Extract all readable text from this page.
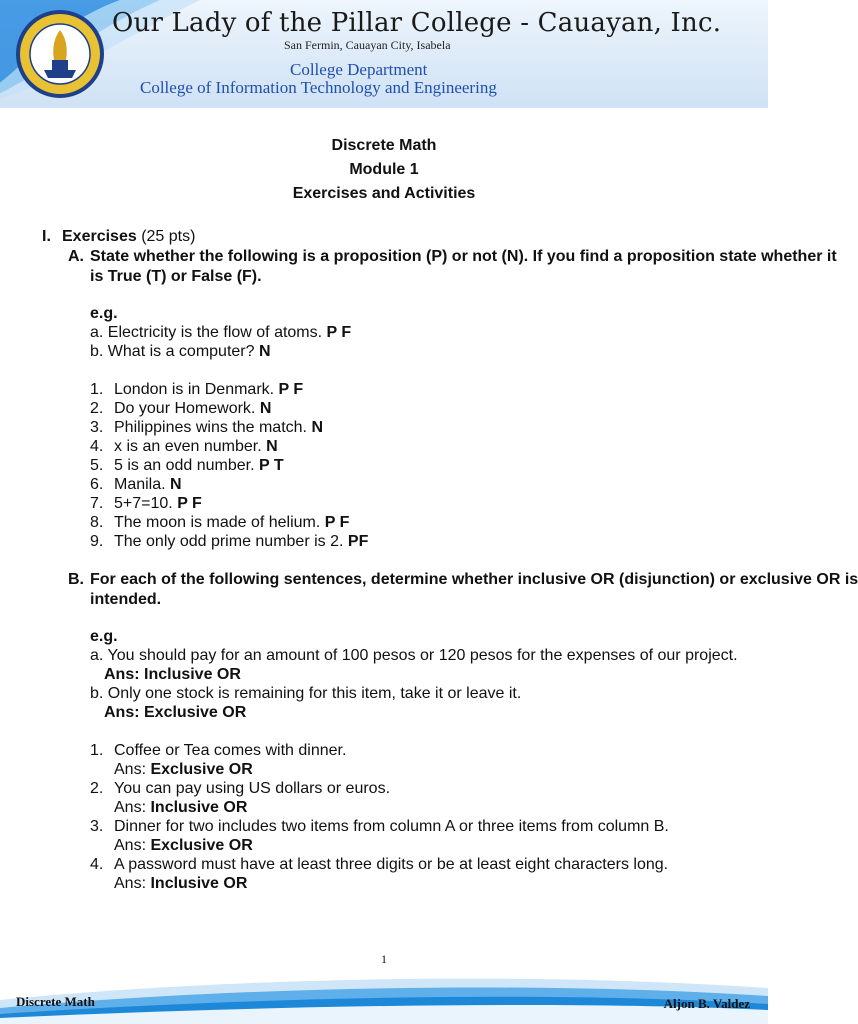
Our Lady of the Pillar College - Cauayan, Inc.
San Fermin, Cauayan City, Isabela
College Department
College of Information Technology and Engineering
Discrete Math
Module 1
Exercises and Activities
I. Exercises (25 pts)
A. State whether the following is a proposition (P) or not (N). If you find a proposition state whether it
is True (T) or False (F).
e.g.
a. Electricity is the flow of atoms. P F
b. What is a computer? N
1. London is in Denmark. P F
2. Do your Homework. N
3. Philippines wins the match. N
4. x is an even number. N
5. 5 is an odd number. P T
6. Manila. N
7. 5+7=10. P F
8. The moon is made of helium. P F
9. The only odd prime number is 2. PF
B. For each of the following sentences, determine whether inclusive OR (disjunction) or exclusive OR is
intended.
e.g.
a. You should pay for an amount of 100 pesos or 120 pesos for the expenses of our project.
Ans: Inclusive OR
b. Only one stock is remaining for this item, take it or leave it.
Ans: Exclusive OR
1. Coffee or Tea comes with dinner.
Ans: Exclusive OR
2. You can pay using US dollars or euros.
Ans: Inclusive OR
3. Dinner for two includes two items from column A or three items from column B.
Ans: Exclusive OR
4. A password must have at least three digits or be at least eight characters long.
Ans: Inclusive OR
1
Discrete Math	Aljon B. Valdez
